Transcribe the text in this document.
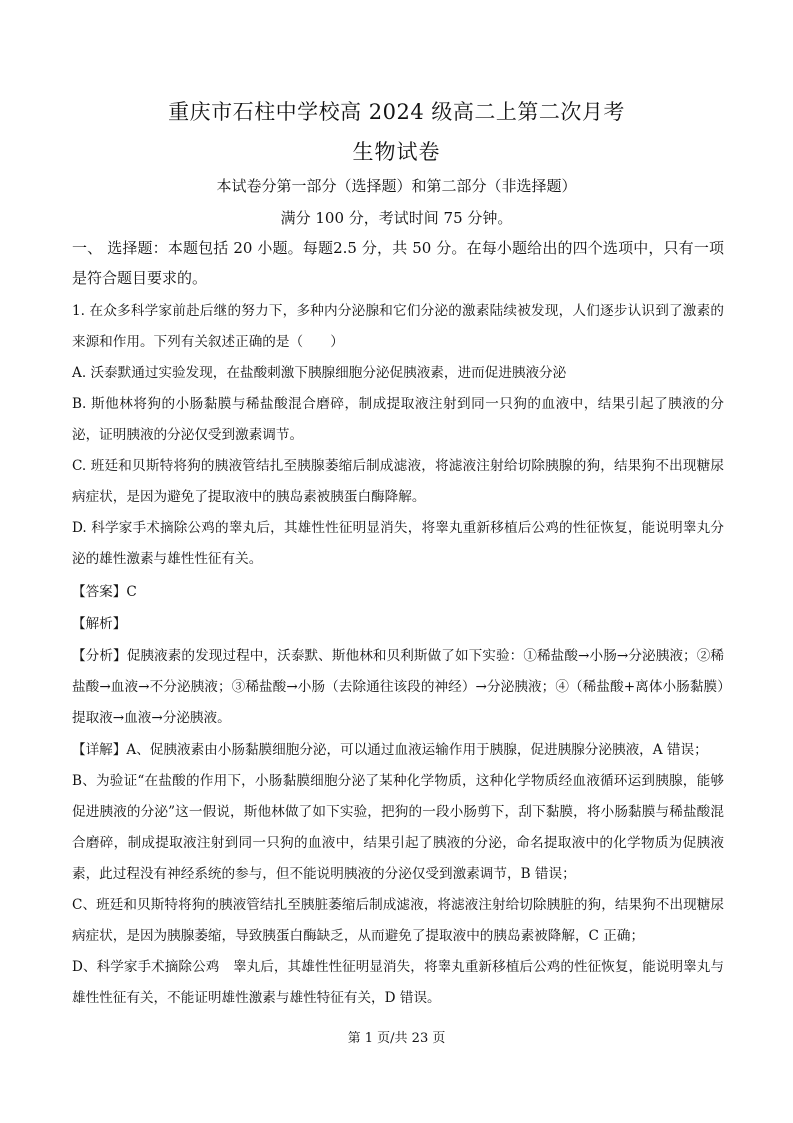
重庆市石柱中学校高 2024 级高二上第二次月考
生物试卷
本试卷分第一部分（选择题）和第二部分（非选择题）
满分 100 分，考试时间 75 分钟。

一、 选择题：本题包括 20 小题。每题2.5 分，共 50 分。在每小题给出的四个选项中，只有一项是符合题目要求的。

1. 在众多科学家前赴后继的努力下，多种内分泌腺和它们分泌的激素陆续被发现，人们逐步认识到了激素的来源和作用。下列有关叙述正确的是（　　）

A. 沃泰默通过实验发现，在盐酸刺激下胰腺细胞分泌促胰液素，进而促进胰液分泌

B. 斯他林将狗的小肠黏膜与稀盐酸混合磨碎，制成提取液注射到同一只狗的血液中，结果引起了胰液的分泌，证明胰液的分泌仅受到激素调节。

C. 班廷和贝斯特将狗的胰液管结扎至胰腺萎缩后制成滤液，将滤液注射给切除胰腺的狗，结果狗不出现糖尿病症状，是因为避免了提取液中的胰岛素被胰蛋白酶降解。

D. 科学家手术摘除公鸡的睾丸后，其雄性性征明显消失，将睾丸重新移植后公鸡的性征恢复，能说明睾丸分泌的雄性激素与雄性性征有关。

【答案】C
【解析】

【分析】促胰液素的发现过程中，沃泰默、斯他林和贝利斯做了如下实验：①稀盐酸→小肠→分泌胰液；②稀盐酸→血液→不分泌胰液；③稀盐酸→小肠（去除通往该段的神经）→分泌胰液；④（稀盐酸+离体小肠黏膜）提取液→血液→分泌胰液。

【详解】A、促胰液素由小肠黏膜细胞分泌，可以通过血液运输作用于胰腺，促进胰腺分泌胰液，A 错误；

B、为验证“在盐酸的作用下，小肠黏膜细胞分泌了某种化学物质，这种化学物质经血液循环运到胰腺，能够促进胰液的分泌”这一假说，斯他林做了如下实验，把狗的一段小肠剪下，刮下黏膜，将小肠黏膜与稀盐酸混合磨碎，制成提取液注射到同一只狗的血液中，结果引起了胰液的分泌，命名提取液中的化学物质为促胰液素，此过程没有神经系统的参与，但不能说明胰液的分泌仅受到激素调节，B 错误；

C、班廷和贝斯特将狗的胰液管结扎至胰脏萎缩后制成滤液，将滤液注射给切除胰脏的狗，结果狗不出现糖尿病症状，是因为胰腺萎缩，导致胰蛋白酶缺乏，从而避免了提取液中的胰岛素被降解，C 正确；

D、科学家手术摘除公鸡　睾丸后，其雄性性征明显消失，将睾丸重新移植后公鸡的性征恢复，能说明睾丸与雄性性征有关，不能证明雄性激素与雄性特征有关，D 错误。

第 1 页/共 23 页
